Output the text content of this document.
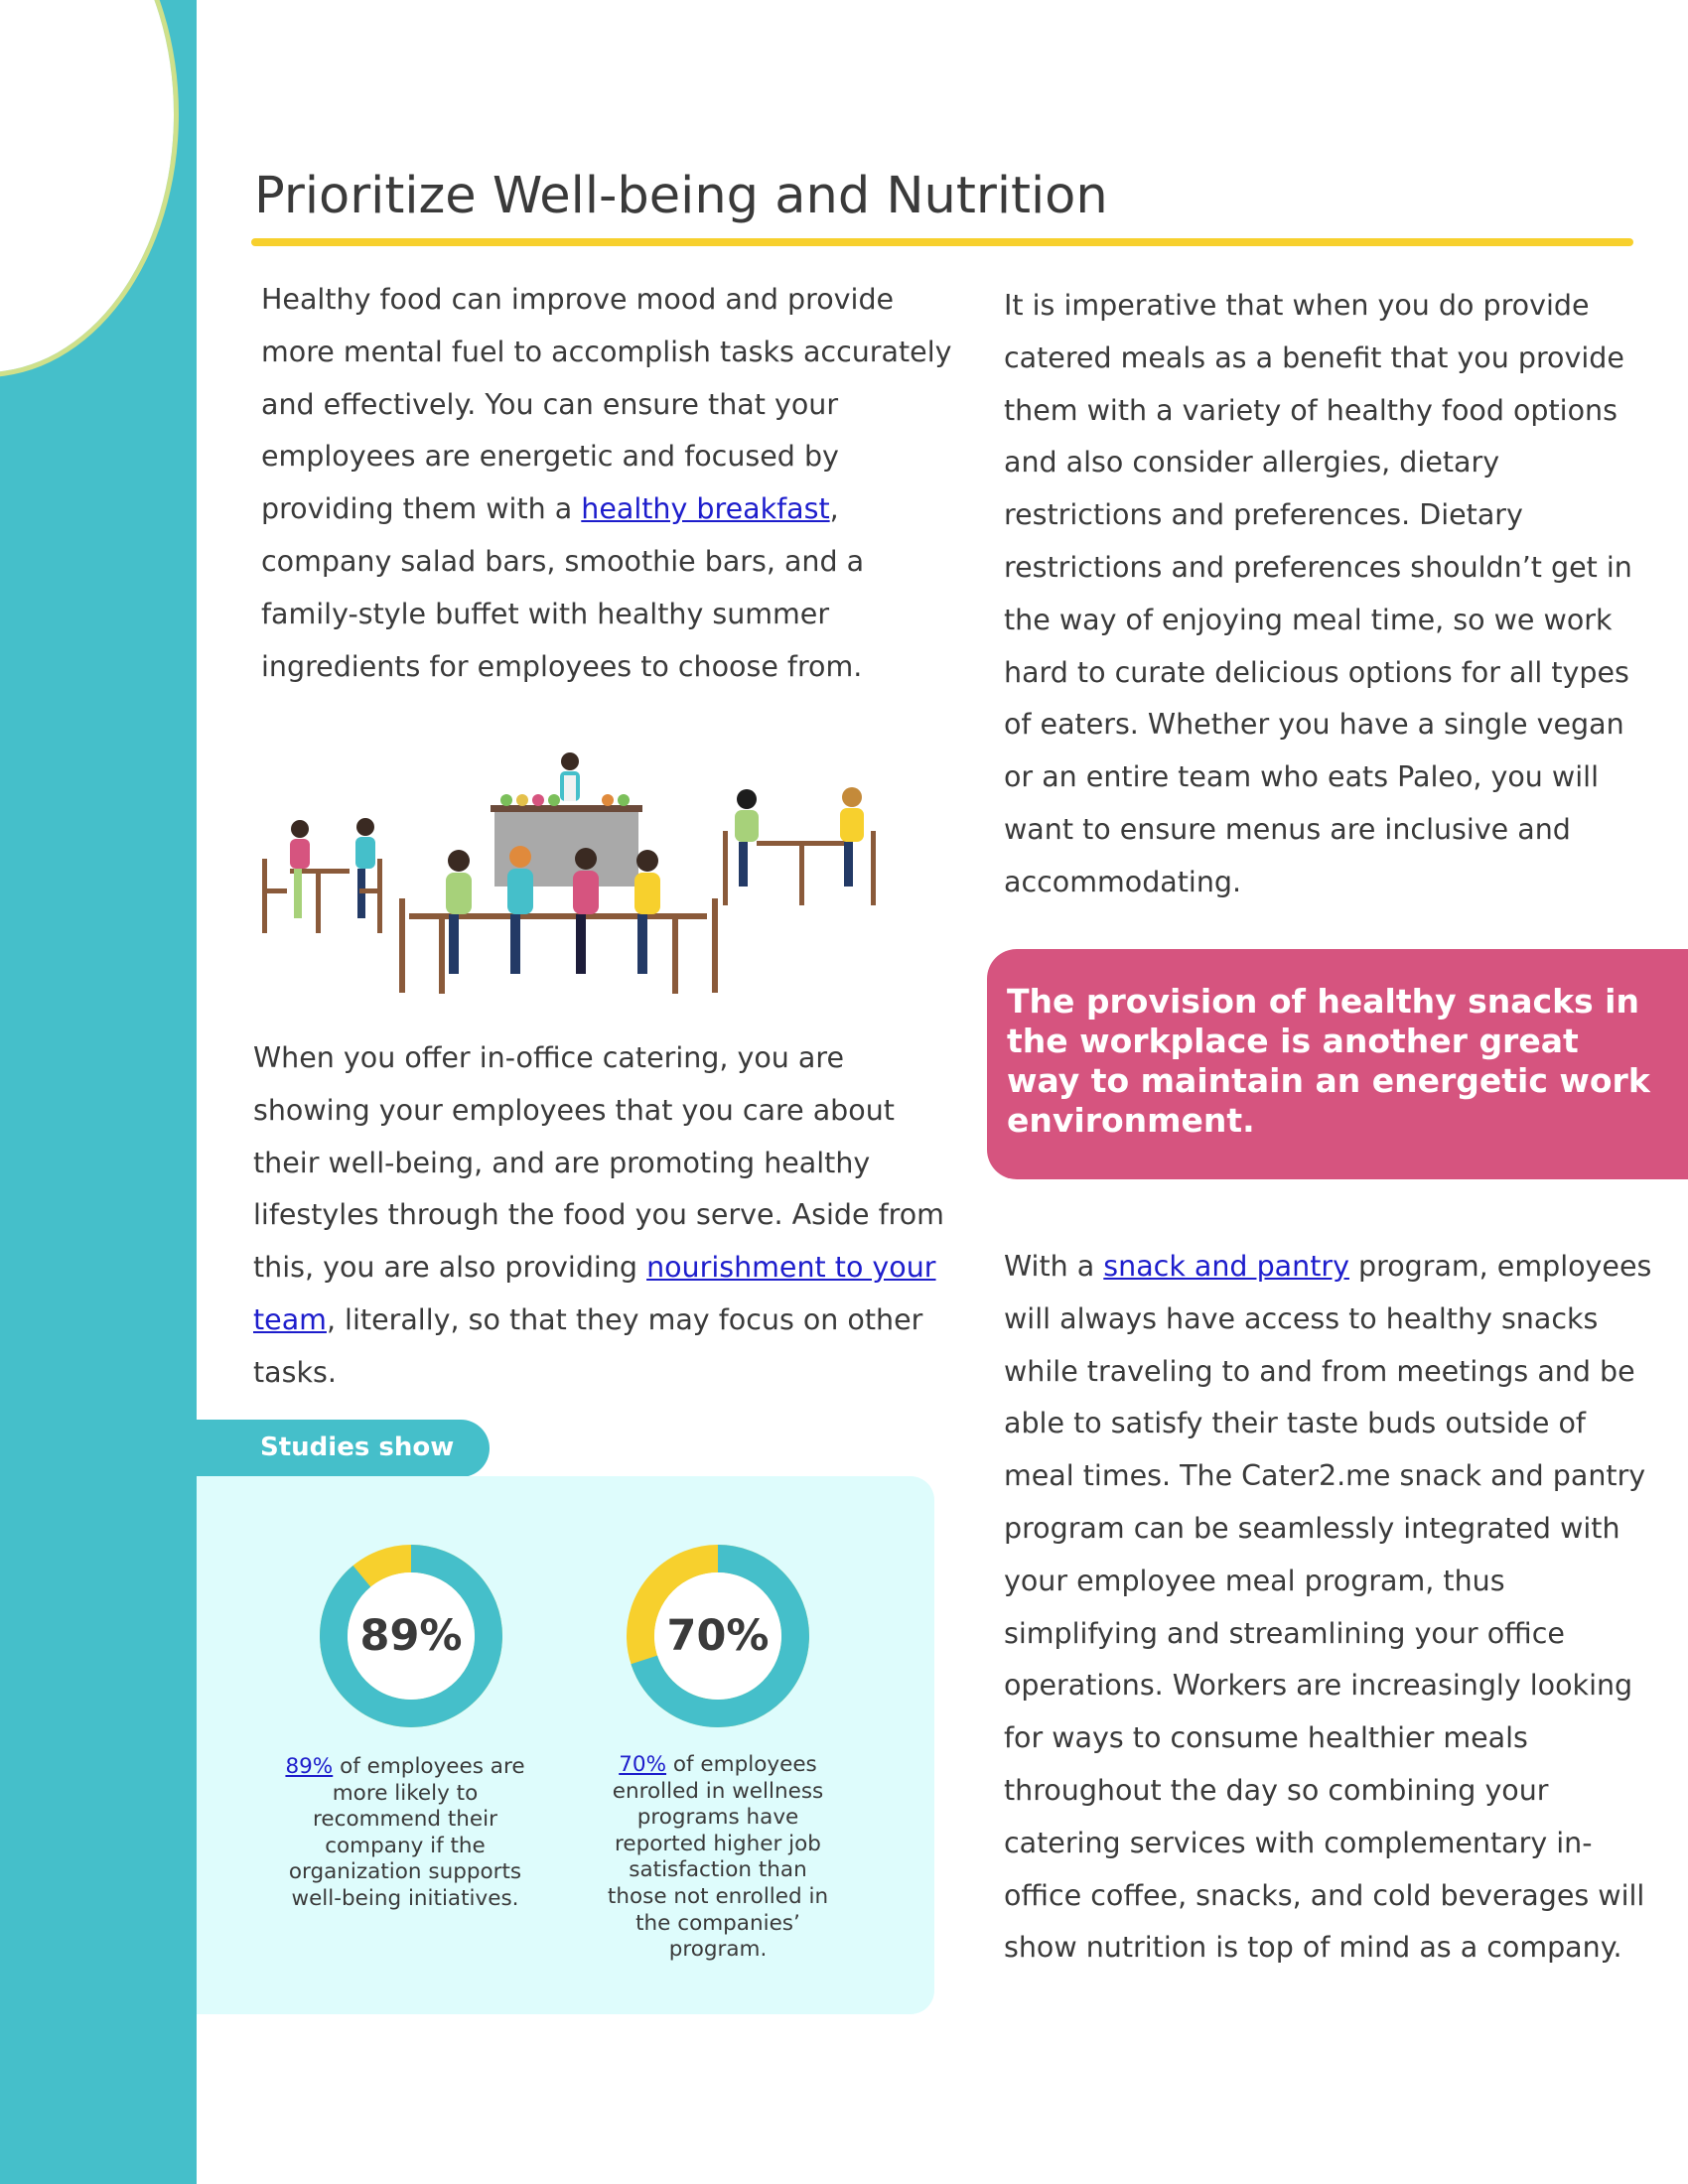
6 Prioritize Well-being and Nutrition
Healthy food can improve mood and provide more mental fuel to accomplish tasks accurately and effectively. You can ensure that your employees are energetic and focused by providing them with a healthy breakfast, company salad bars, smoothie bars, and a family-style buffet with healthy summer ingredients for employees to choose from.
When you offer in-office catering, you are showing your employees that you care about their well-being, and are promoting healthy lifestyles through the food you serve. Aside from this, you are also providing nourishment to your team, literally, so that they may focus on other tasks.
It is imperative that when you do provide catered meals as a benefit that you provide them with a variety of healthy food options and also consider allergies, dietary restrictions and preferences. Dietary restrictions and preferences shouldn’t get in the way of enjoying meal time, so we work hard to curate delicious options for all types of eaters. Whether you have a single vegan or an entire team who eats Paleo, you will want to ensure menus are inclusive and accommodating.
The provision of healthy snacks in the workplace is another great way to maintain an energetic work environment.
With a snack and pantry program, employees will always have access to healthy snacks while traveling to and from meetings and be able to satisfy their taste buds outside of meal times. The Cater2.me snack and pantry program can be seamlessly integrated with your employee meal program, thus simplifying and streamlining your office operations. Workers are increasingly looking for ways to consume healthier meals throughout the day so combining your catering services with complementary in-office coffee, snacks, and cold beverages will show nutrition is top of mind as a company.
Studies show
89%
89% of employees are more likely to recommend their company if the organization supports well-being initiatives.
70%
70% of employees enrolled in wellness programs have reported higher job satisfaction than those not enrolled in the companies’ program.
